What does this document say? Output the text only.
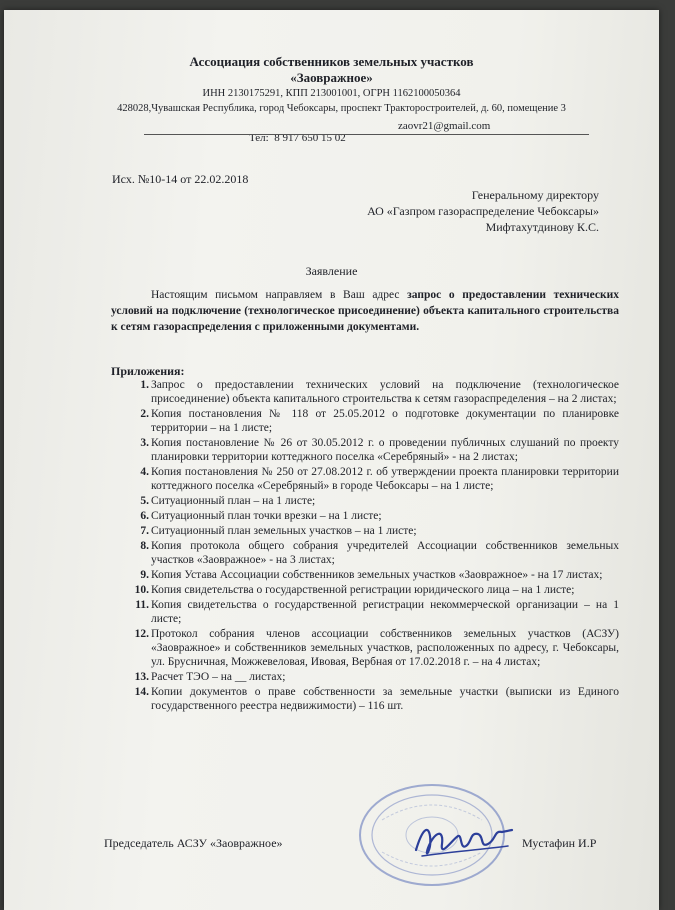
Ассоциация собственников земельных участков
«Заовражное»
ИНН 2130175291, КПП 213001001, ОГРН 1162100050364
428028,Чувашская Республика, город Чебоксары, проспект Тракторостроителей, д. 60, помещение 3

Тел:  8 917 650 15 02

zaovr21@gmail.com

Исх. №10-14 от 22.02.2018
Генеральному директору
АО «Газпром газораспределение Чебоксары»
Мифтахутдинову К.С.
Заявление
Настоящим письмом направляем в Ваш адрес запрос о предоставлении технических условий на подключение (технологическое присоединение) объекта капитального строительства к сетям газораспределения с приложенными документами.
Приложения:
1. Запрос о предоставлении технических условий на подключение (технологическое присоединение) объекта капитального строительства к сетям газораспределения – на 2 листах;
2. Копия постановления № 118 от 25.05.2012 о подготовке документации по планировке территории – на 1 листе;
3. Копия постановление № 26 от 30.05.2012 г. о проведении публичных слушаний по проекту планировки территории коттеджного поселка «Серебряный» - на 2 листах;
4. Копия постановления № 250 от 27.08.2012 г. об утверждении проекта планировки территории коттеджного поселка «Серебряный» в городе Чебоксары – на 1 листе;
5. Ситуационный план – на 1 листе;
6. Ситуационный план точки врезки – на 1 листе;
7. Ситуационный план земельных участков – на 1 листе;
8. Копия протокола общего собрания учредителей Ассоциации собственников земельных участков «Заовражное» - на 3 листах;
9. Копия Устава Ассоциации собственников земельных участков «Заовражное» - на 17 листах;
10. Копия свидетельства о государственной регистрации юридического лица – на 1 листе;
11. Копия свидетельства о государственной регистрации некоммерческой организации – на 1 листе;
12. Протокол собрания членов ассоциации собственников земельных участков (АСЗУ) «Заовражное» и собственников земельных участков, расположенных по адресу, г. Чебоксары, ул. Брусничная, Можжевеловая, Ивовая, Вербная от 17.02.2018 г. – на 4 листах;
13. Расчет ТЭО – на __ листах;
14. Копии документов о праве собственности за земельные участки (выписки из Единого государственного реестра недвижимости) – 116 шт.
Председатель АСЗУ «Заовражное»	Мустафин И.Р
